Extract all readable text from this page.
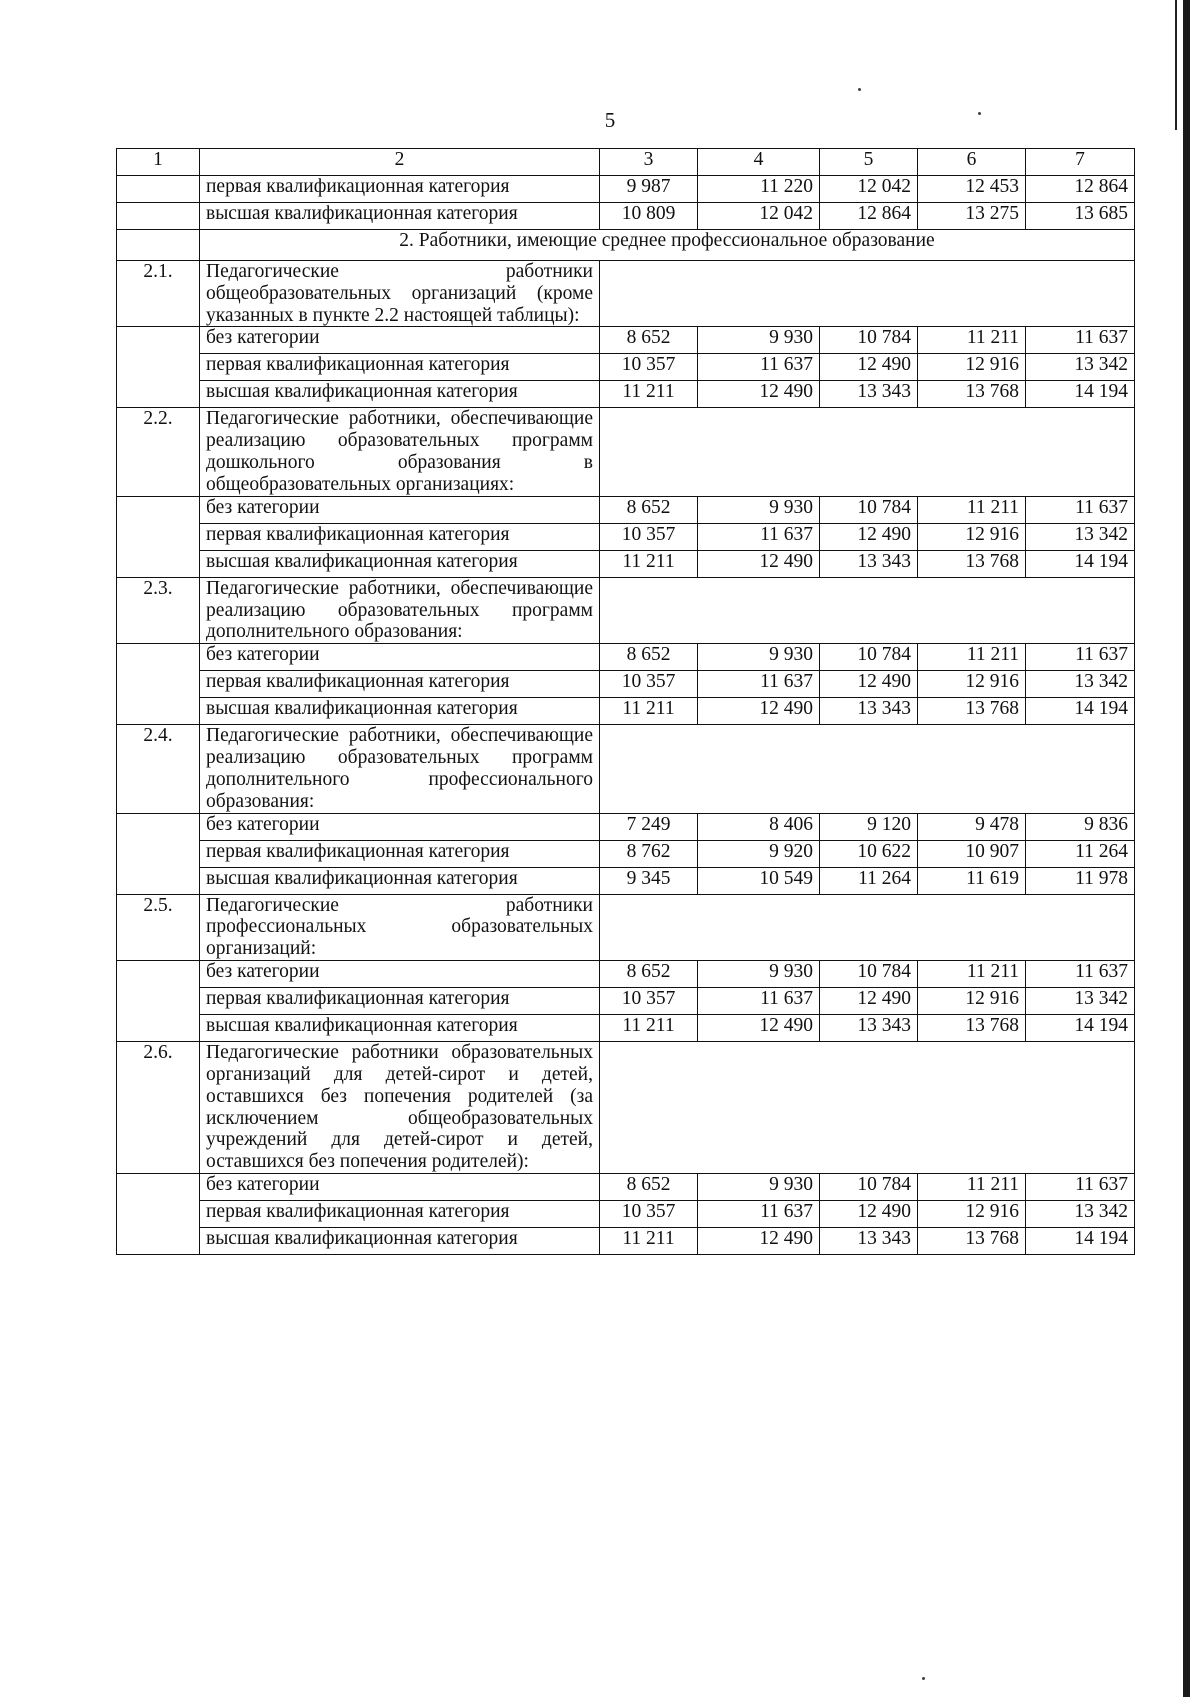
5
1	2	3	4	5	6	7
	первая квалификационная категория	9 987	11 220	12 042	12 453	12 864
	высшая квалификационная категория	10 809	12 042	12 864	13 275	13 685
	2. Работники, имеющие среднее профессиональное образование					
2.1.	Педагогические работники общеобразовательных организаций (кроме указанных в пункте 2.2 настоящей таблицы):					
	без категории	8 652	9 930	10 784	11 211	11 637
	первая квалификационная категория	10 357	11 637	12 490	12 916	13 342
	высшая квалификационная категория	11 211	12 490	13 343	13 768	14 194
2.2.	Педагогические работники, обеспечивающие реализацию образовательных программ дошкольного образования в общеобразовательных организациях:					
	без категории	8 652	9 930	10 784	11 211	11 637
	первая квалификационная категория	10 357	11 637	12 490	12 916	13 342
	высшая квалификационная категория	11 211	12 490	13 343	13 768	14 194
2.3.	Педагогические работники, обеспечивающие реализацию образовательных программ дополнительного образования:					
	без категории	8 652	9 930	10 784	11 211	11 637
	первая квалификационная категория	10 357	11 637	12 490	12 916	13 342
	высшая квалификационная категория	11 211	12 490	13 343	13 768	14 194
2.4.	Педагогические работники, обеспечивающие реализацию образовательных программ дополнительного профессионального образования:					
	без категории	7 249	8 406	9 120	9 478	9 836
	первая квалификационная категория	8 762	9 920	10 622	10 907	11 264
	высшая квалификационная категория	9 345	10 549	11 264	11 619	11 978
2.5.	Педагогические работники профессиональных образовательных организаций:					
	без категории	8 652	9 930	10 784	11 211	11 637
	первая квалификационная категория	10 357	11 637	12 490	12 916	13 342
	высшая квалификационная категория	11 211	12 490	13 343	13 768	14 194
2.6.	Педагогические работники образовательных организаций для детей-сирот и детей, оставшихся без попечения родителей (за исключением общеобразовательных учреждений для детей-сирот и детей, оставшихся без попечения родителей):					
	без категории	8 652	9 930	10 784	11 211	11 637
	первая квалификационная категория	10 357	11 637	12 490	12 916	13 342
	высшая квалификационная категория	11 211	12 490	13 343	13 768	14 194
